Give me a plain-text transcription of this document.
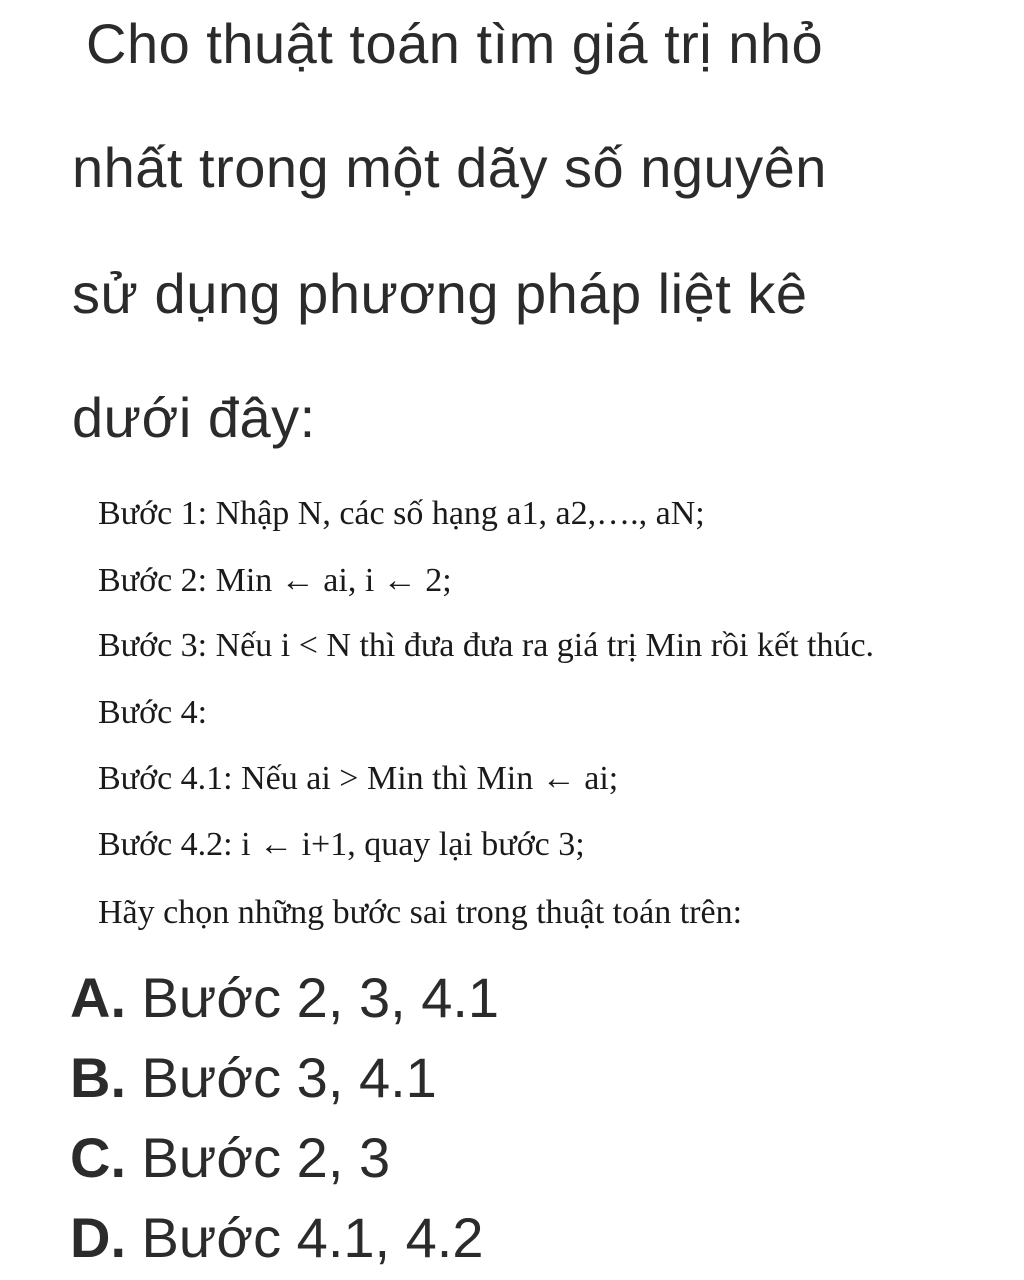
Cho thuật toán tìm giá trị nhỏ
nhất trong một dãy số nguyên
sử dụng phương pháp liệt kê
dưới đây:
Bước 1: Nhập N, các số hạng a1, a2,…., aN;
Bước 2: Min ← ai, i ← 2;
Bước 3: Nếu i < N thì đưa đưa ra giá trị Min rồi kết thúc.
Bước 4:
Bước 4.1: Nếu ai > Min thì Min ← ai;
Bước 4.2: i ← i+1, quay lại bước 3;
Hãy chọn những bước sai trong thuật toán trên:
A. Bước 2, 3, 4.1
B. Bước 3, 4.1
C. Bước 2, 3
D. Bước 4.1, 4.2
